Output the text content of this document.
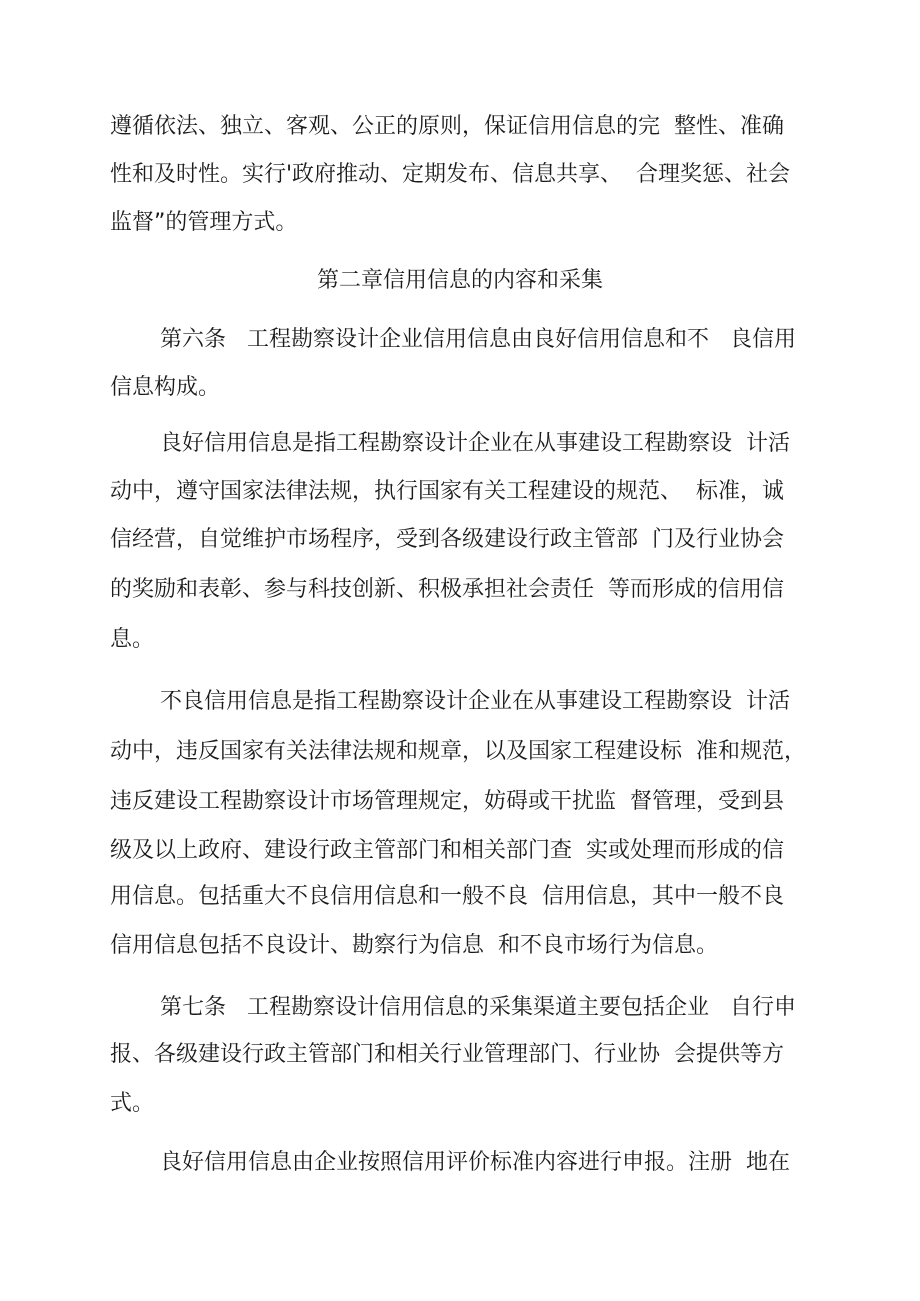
遵循依法、独立、客观、公正的原则，保证信用信息的完  整性、准确

性和及时性。实行'政府推动、定期发布、信息共享、  合理奖惩、社会

监督”的管理方式。

第二章信用信息的内容和采集

第六条   工程勘察设计企业信用信息由良好信用信息和不   良信用

信息构成。

良好信用信息是指工程勘察设计企业在从事建设工程勘察设  计活

动中，遵守国家法律法规，执行国家有关工程建设的规范、  标准，诚

信经营，自觉维护市场程序，受到各级建设行政主管部  门及行业协会

的奖励和表彰、参与科技创新、积极承担社会责任  等而形成的信用信

息。

不良信用信息是指工程勘察设计企业在从事建设工程勘察设  计活

动中，违反国家有关法律法规和规章，以及国家工程建设标  准和规范，

违反建设工程勘察设计市场管理规定，妨碍或干扰监  督管理，受到县

级及以上政府、建设行政主管部门和相关部门查  实或处理而形成的信

用信息。包括重大不良信用信息和一般不良  信用信息，其中一般不良

信用信息包括不良设计、勘察行为信息  和不良市场行为信息。

第七条   工程勘察设计信用信息的采集渠道主要包括企业   自行申

报、各级建设行政主管部门和相关行业管理部门、行业协  会提供等方

式。

良好信用信息由企业按照信用评价标准内容进行申报。注册  地在
